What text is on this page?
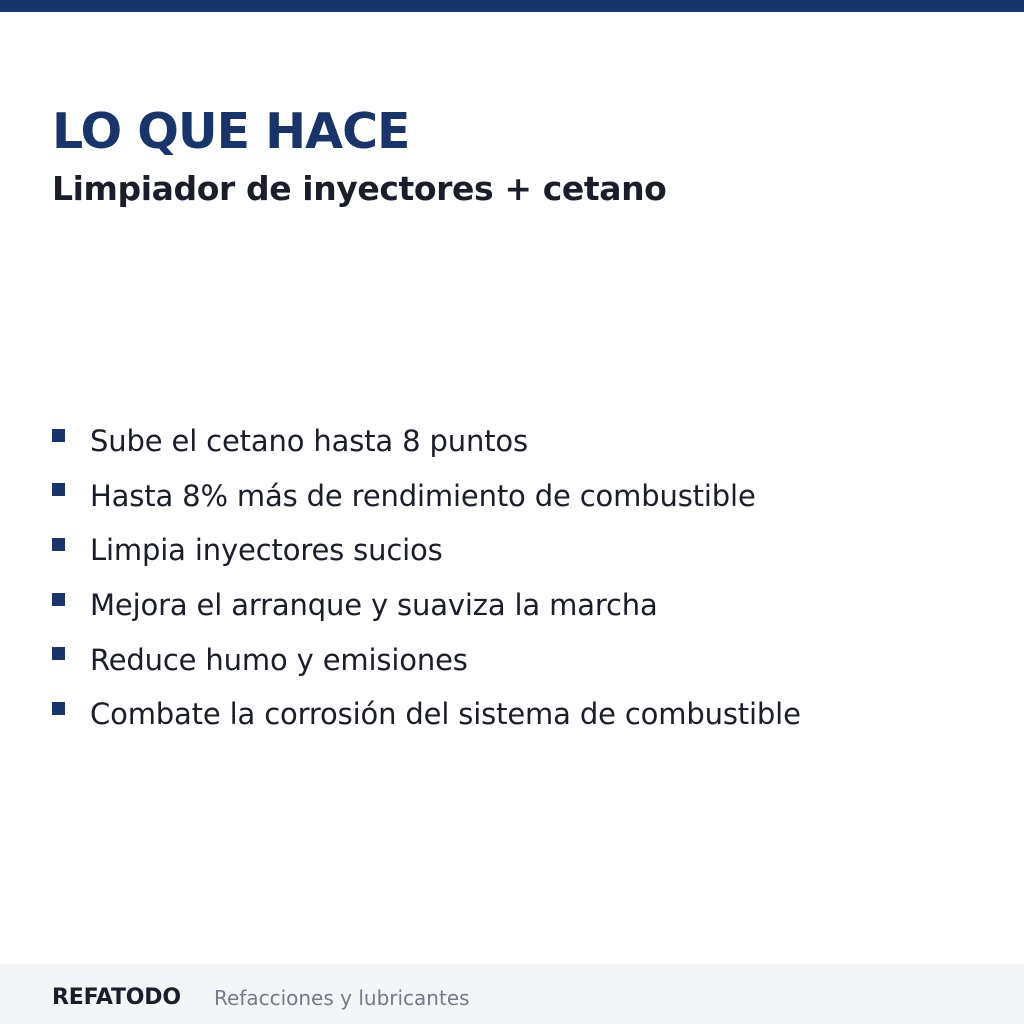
LO QUE HACE
Limpiador de inyectores + cetano
Sube el cetano hasta 8 puntos
Hasta 8% más de rendimiento de combustible
Limpia inyectores sucios
Mejora el arranque y suaviza la marcha
Reduce humo y emisiones
Combate la corrosión del sistema de combustible
REFATODO Refacciones y lubricantes
